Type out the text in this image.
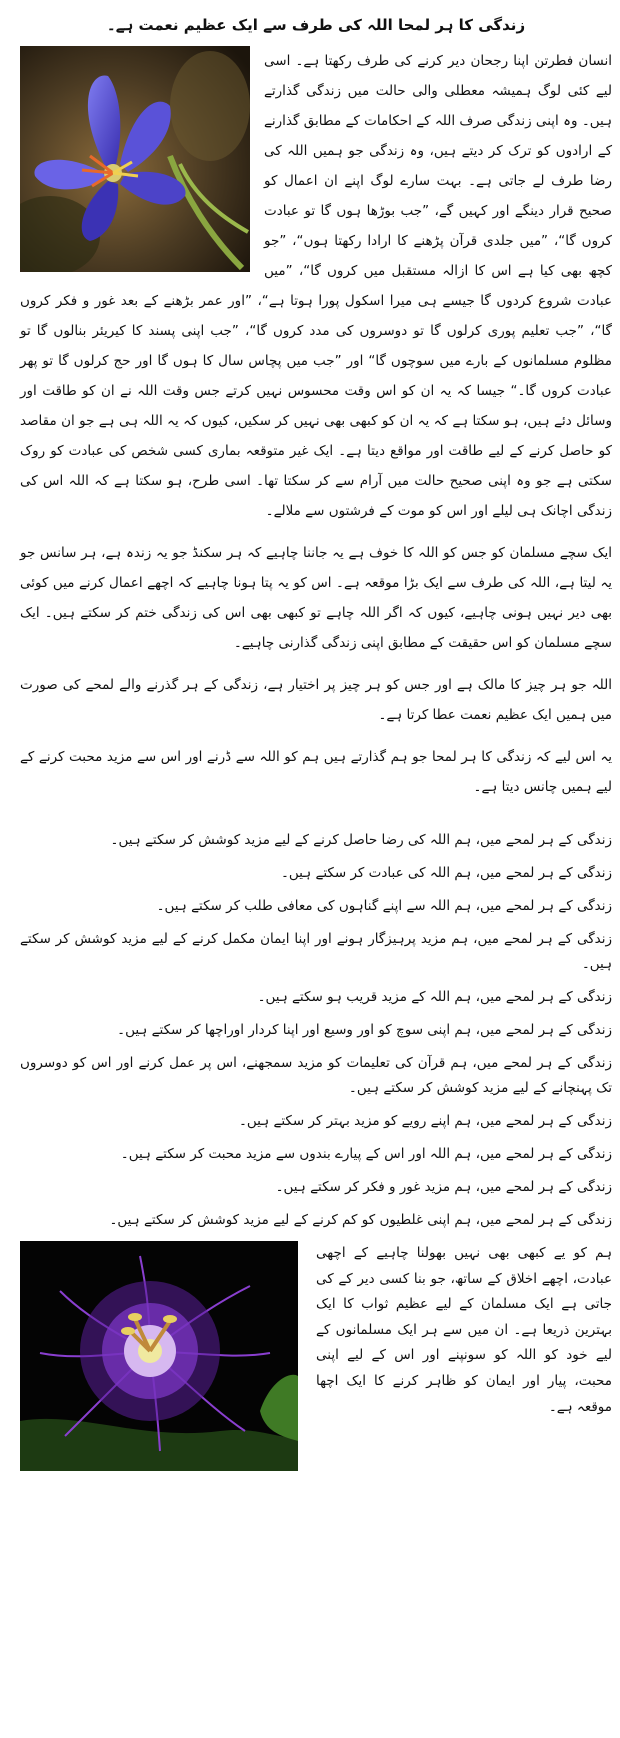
زندگی کا ہر لمحا اللہ کی طرف سے ایک عظیم نعمت ہے۔

انسان فطرتن اپنا رجحان دیر کرنے کی طرف رکھتا ہے۔ اسی لیے کئی لوگ ہمیشہ معطلی والی حالت میں زندگی گذارتے ہیں۔ وہ اپنی زندگی صرف اللہ کے احکامات کے مطابق گذارنے کے ارادوں کو ترک کر دیتے ہیں، وہ زندگی جو ہمیں اللہ کی رضا طرف لے جاتی ہے۔ بہت سارے لوگ اپنے ان اعمال کو صحیح قرار دینگے اور کہیں گے، ”جب بوڑھا ہوں گا تو عبادت کروں گا“، ”میں جلدی قرآن پڑھنے کا ارادا رکھتا ہوں“، ”جو کچھ بھی کیا ہے اس کا ازالہ مستقبل میں کروں گا“، ”میں عبادت شروع کردوں گا جیسے ہی میرا اسکول پورا ہوتا ہے“، ”اور عمر بڑھنے کے بعد غور و فکر کروں گا“، ”جب تعلیم پوری کرلوں گا تو دوسروں کی مدد کروں گا“، ”جب اپنی پسند کا کیریئر بنالوں گا تو مظلوم مسلمانوں کے بارے میں سوچوں گا“ اور ”جب میں پچاس سال کا ہوں گا اور حج کرلوں گا تو پھر عبادت کروں گا۔“ جیسا کہ یہ ان کو اس وقت محسوس نہیں کرتے جس وقت اللہ نے ان کو طاقت اور وسائل دئے ہیں، ہو سکتا ہے کہ یہ ان کو کبھی بھی نہیں کر سکیں، کیوں کہ یہ اللہ ہی ہے جو ان مقاصد کو حاصل کرنے کے لیے طاقت اور مواقع دیتا ہے۔ ایک غیر متوقعہ بماری کسی شخص کی عبادت کو روک سکتی ہے جو وہ اپنی صحیح حالت میں آرام سے کر سکتا تھا۔ اسی طرح، ہو سکتا ہے کہ اللہ اس کی زندگی اچانک ہی لیلے اور اس کو موت کے فرشتوں سے ملالے۔

ایک سچے مسلمان کو جس کو اللہ کا خوف ہے یہ جاننا چاہیے کہ ہر سکنڈ جو یہ زندہ ہے، ہر سانس جو یہ لیتا ہے، اللہ کی طرف سے ایک بڑا موقعہ ہے۔ اس کو یہ پتا ہونا چاہیے کہ اچھے اعمال کرنے میں کوئی بھی دیر نہیں ہونی چاہیے، کیوں کہ اگر اللہ چاہے تو کبھی بھی اس کی زندگی ختم کر سکتے ہیں۔ ایک سچے مسلمان کو اس حقیقت کے مطابق اپنی زندگی گذارنی چاہیے۔

اللہ جو ہر چیز کا مالک ہے اور جس کو ہر چیز پر اختیار ہے، زندگی کے ہر گذرنے والے لمحے کی صورت میں ہمیں ایک عظیم نعمت عطا کرتا ہے۔

یہ اس لیے کہ زندگی کا ہر لمحا جو ہم گذارتے ہیں ہم کو اللہ سے ڈرنے اور اس سے مزید محبت کرنے کے لیے ہمیں چانس دیتا ہے۔

زندگی کے ہر لمحے میں، ہم اللہ کی رضا حاصل کرنے کے لیے مزید کوشش کر سکتے ہیں۔

زندگی کے ہر لمحے میں، ہم اللہ کی عبادت کر سکتے ہیں۔

زندگی کے ہر لمحے میں، ہم اللہ سے اپنے گناہوں کی معافی طلب کر سکتے ہیں۔

زندگی کے ہر لمحے میں، ہم مزید پرہیزگار ہونے اور اپنا ایمان مکمل کرنے کے لیے مزید کوشش کر سکتے ہیں۔

زندگی کے ہر لمحے میں، ہم اللہ کے مزید قریب ہو سکتے ہیں۔

زندگی کے ہر لمحے میں، ہم اپنی سوچ کو اور وسیع اور اپنا کردار اوراچھا کر سکتے ہیں۔

زندگی کے ہر لمحے میں، ہم قرآن کی تعلیمات کو مزید سمجھنے، اس پر عمل کرنے اور اس کو دوسروں تک پہنچانے کے لیے مزید کوشش کر سکتے ہیں۔

زندگی کے ہر لمحے میں، ہم اپنے رویے کو مزید بہتر کر سکتے ہیں۔

زندگی کے ہر لمحے میں، ہم اللہ اور اس کے پیارے بندوں سے مزید محبت کر سکتے ہیں۔

زندگی کے ہر لمحے میں، ہم مزید غور و فکر کر سکتے ہیں۔

زندگی کے ہر لمحے میں، ہم اپنی غلطیوں کو کم کرنے کے لیے مزید کوشش کر سکتے ہیں۔

ہم کو یے کبھی بھی نہیں بھولنا چاہیے کے اچھی عبادت، اچھے اخلاق کے ساتھ، جو بنا کسی دیر کے کی جاتی ہے ایک مسلمان کے لیے عظیم ثواب کا ایک بہترین ذریعا ہے۔ ان میں سے ہر ایک مسلمانوں کے لیے خود کو اللہ کو سونپنے اور اس کے لیے اپنی محبت، پیار اور ایمان کو ظاہر کرنے کا ایک اچھا موقعہ ہے۔
